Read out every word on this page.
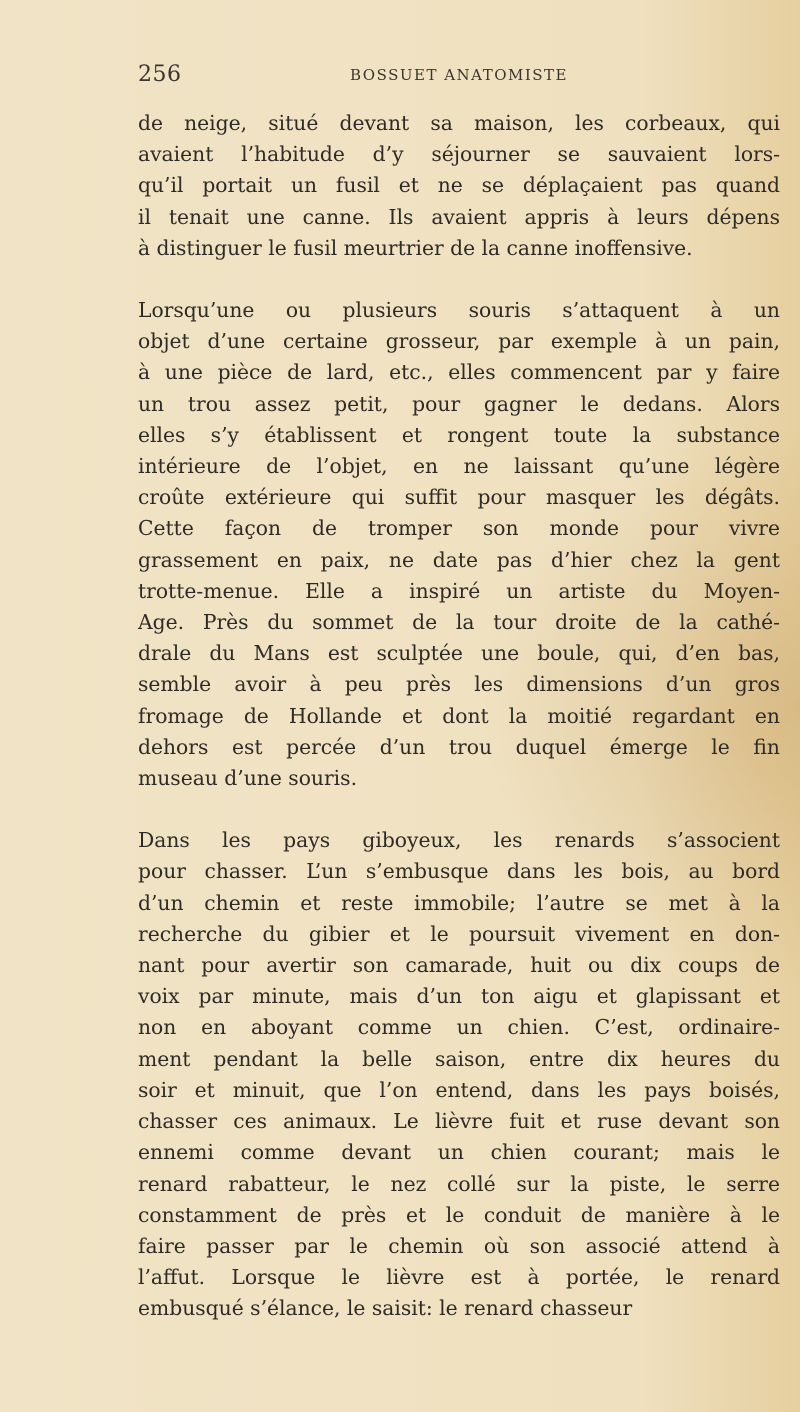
256	BOSSUET ANATOMISTE

de neige, situé devant sa maison, les corbeaux, qui
avaient l’habitude d’y séjourner se sauvaient lors-
qu’il portait un fusil et ne se déplaçaient pas quand
il tenait une canne. Ils avaient appris à leurs dépens
à distinguer le fusil meurtrier de la canne inoffensive.

Lorsqu’une ou plusieurs souris s’attaquent à un
objet d’une certaine grosseur, par exemple à un pain,
à une pièce de lard, etc., elles commencent par y faire
un trou assez petit, pour gagner le dedans. Alors
elles s’y établissent et rongent toute la substance
intérieure de l’objet, en ne laissant qu’une légère
croûte extérieure qui suffit pour masquer les dégâts.
Cette façon de tromper son monde pour vivre
grassement en paix, ne date pas d’hier chez la gent
trotte-menue. Elle a inspiré un artiste du Moyen-
Age. Près du sommet de la tour droite de la cathé-
drale du Mans est sculptée une boule, qui, d’en bas,
semble avoir à peu près les dimensions d’un gros
fromage de Hollande et dont la moitié regardant en
dehors est percée d’un trou duquel émerge le fin
museau d’une souris.

Dans les pays giboyeux, les renards s’associent
pour chasser. L’un s’embusque dans les bois, au bord
d’un chemin et reste immobile; l’autre se met à la
recherche du gibier et le poursuit vivement en don-
nant pour avertir son camarade, huit ou dix coups de
voix par minute, mais d’un ton aigu et glapissant et
non en aboyant comme un chien. C’est, ordinaire-
ment pendant la belle saison, entre dix heures du
soir et minuit, que l’on entend, dans les pays boisés,
chasser ces animaux. Le lièvre fuit et ruse devant son
ennemi comme devant un chien courant; mais le
renard rabatteur, le nez collé sur la piste, le serre
constamment de près et le conduit de manière à le
faire passer par le chemin où son associé attend à
l’affut. Lorsque le lièvre est à portée, le renard
embusqué s’élance, le saisit: le renard chasseur
